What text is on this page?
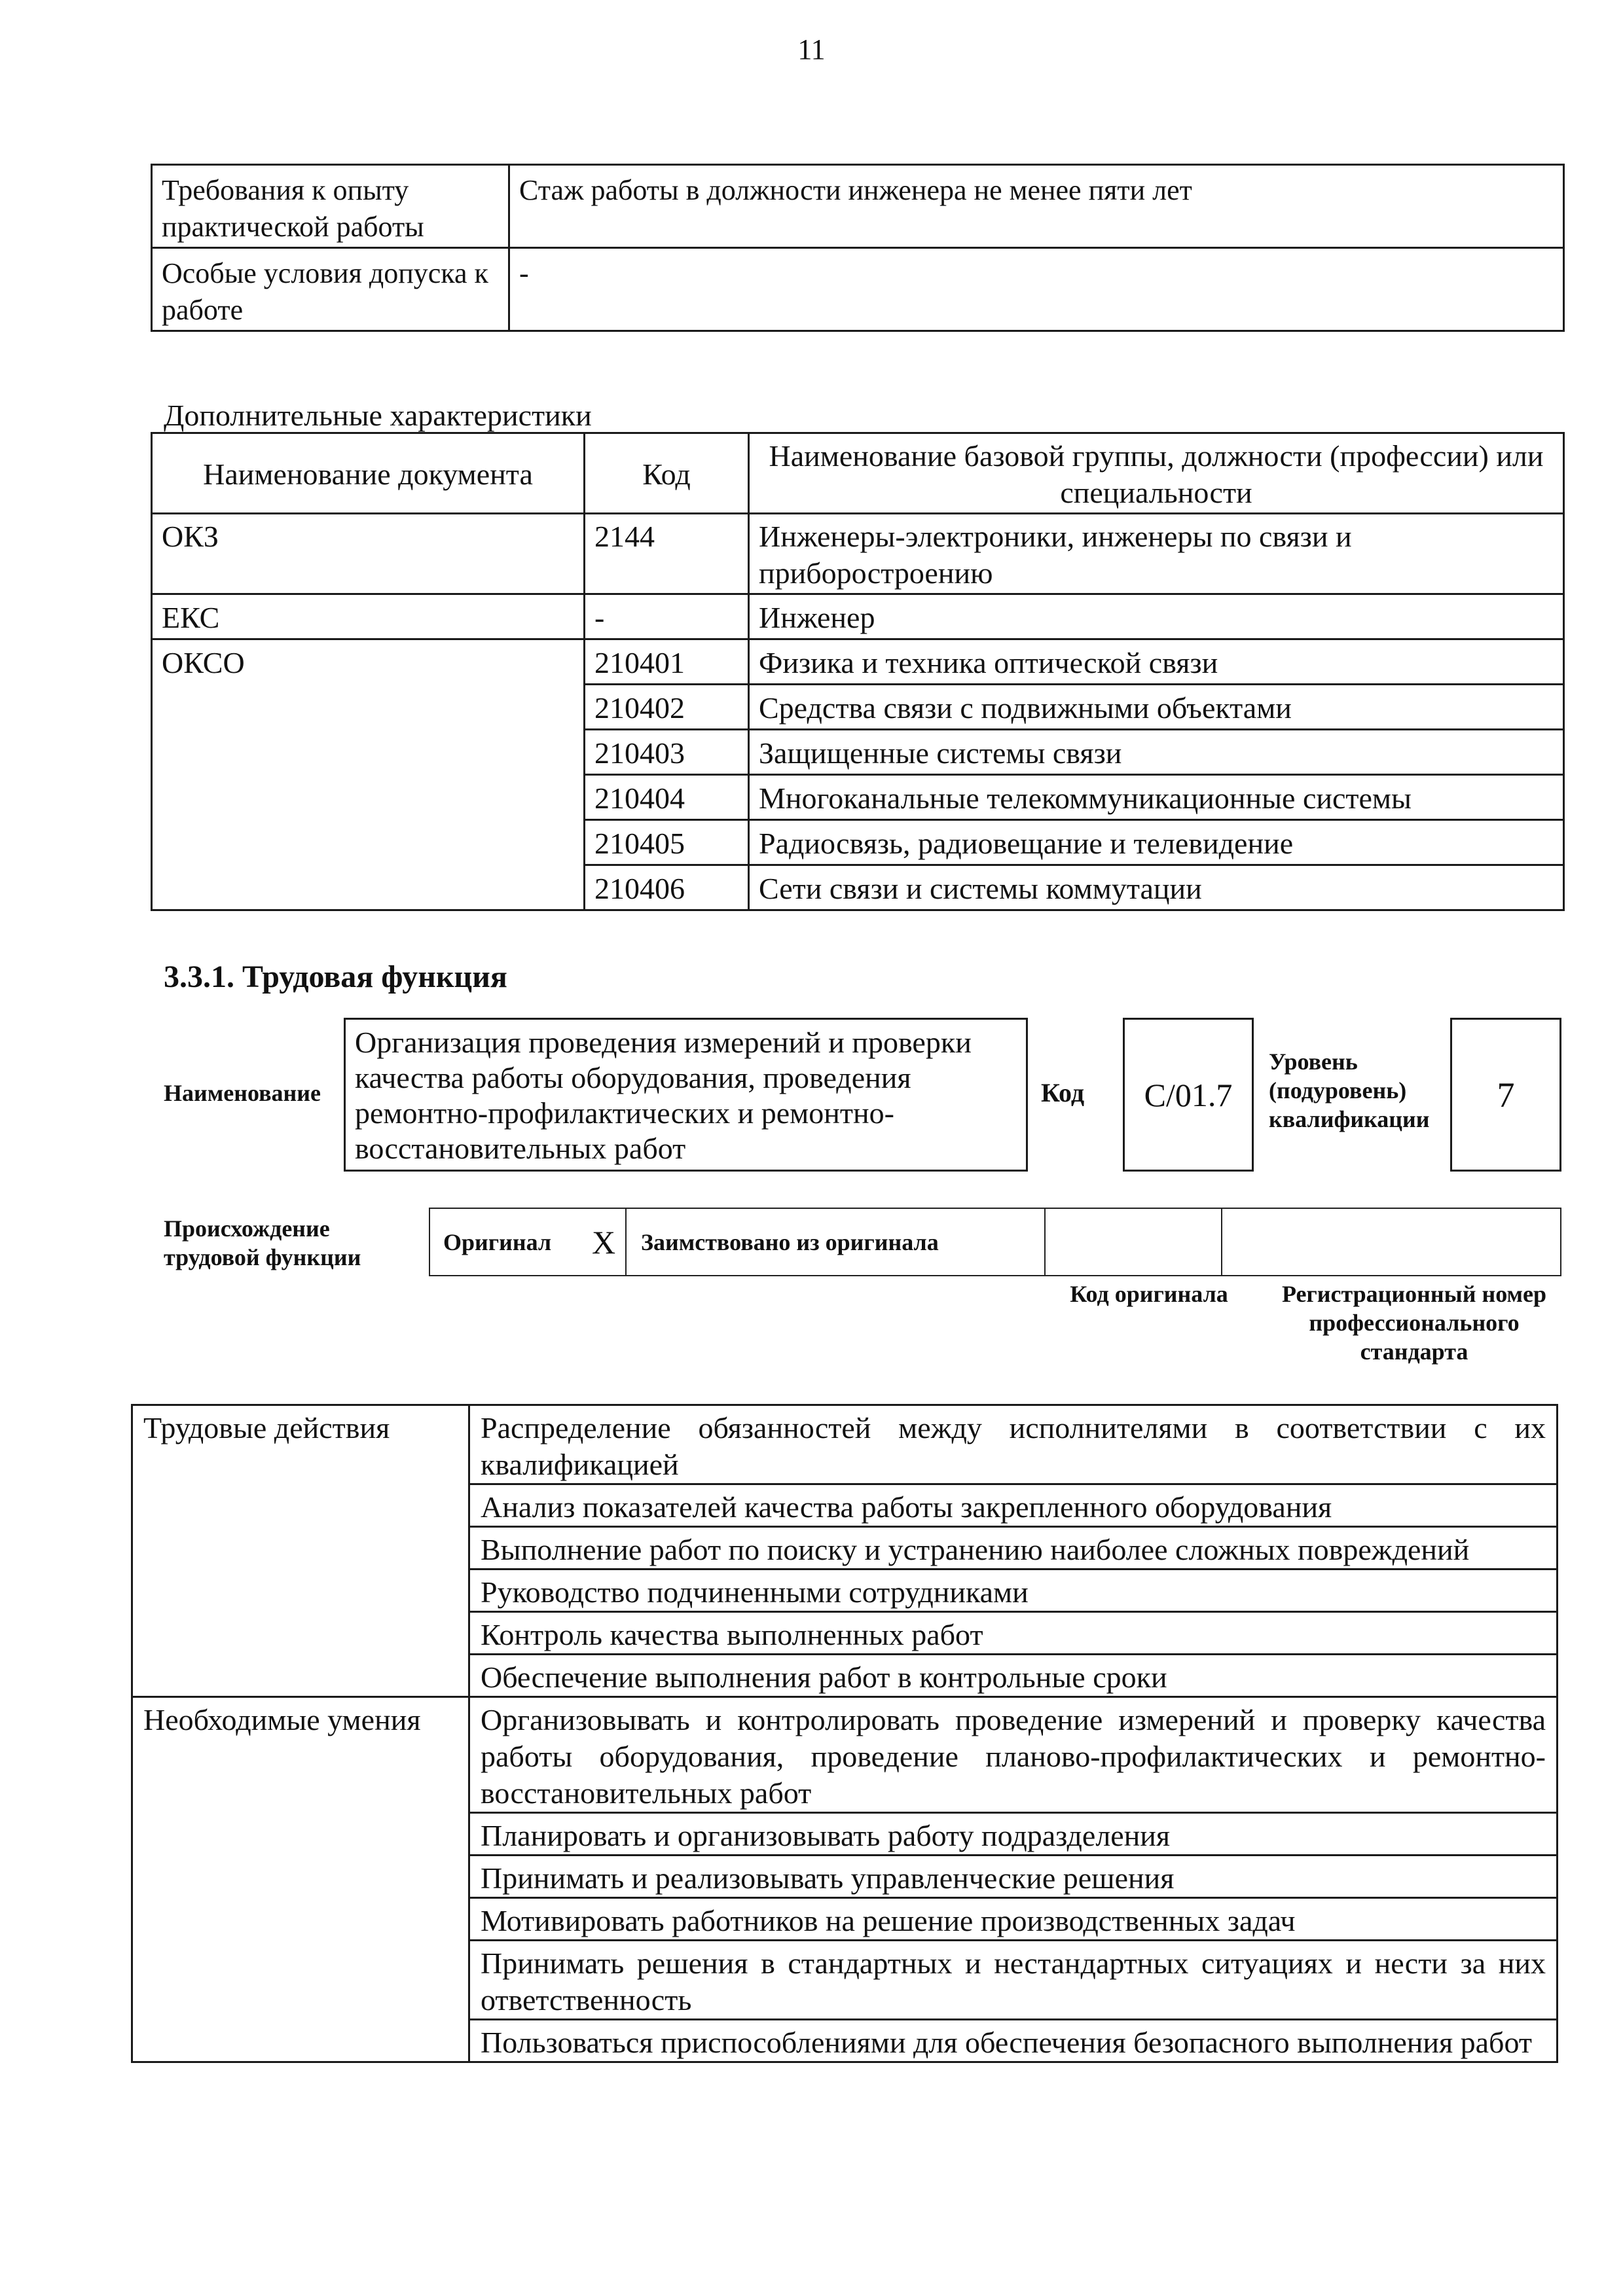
11
Требования к опыту практической работы	Стаж работы в должности инженера не менее пяти лет
Особые условия допуска к работе	-
Дополнительные характеристики
Наименование документа	Код	Наименование базовой группы, должности (профессии) или специальности
ОКЗ	2144	Инженеры-электроники, инженеры по связи и приборостроению
ЕКС	-	Инженер
ОКСО	210401	Физика и техника оптической связи
	210402	Средства связи с подвижными объектами
	210403	Защищенные системы связи
	210404	Многоканальные телекоммуникационные системы
	210405	Радиосвязь, радиовещание и телевидение
	210406	Сети связи и системы коммутации
3.3.1. Трудовая функция
Наименование
Организация проведения измерений и проверки качества работы оборудования, проведения ремонтно-профилактических и ремонтно-восстановительных работ
Код C/01.7
Уровень (подуровень) квалификации
7
Происхождение трудовой функции
Оригинал	X	Заимствовано из оригинала
Код оригинала	Регистрационный номер профессионального стандарта
Трудовые действия	Распределение обязанностей между исполнителями в соответствии с их квалификацией
	Анализ показателей качества работы закрепленного оборудования
	Выполнение работ по поиску и устранению наиболее сложных повреждений
	Руководство подчиненными сотрудниками
	Контроль качества выполненных работ
	Обеспечение выполнения работ в контрольные сроки
Необходимые умения	Организовывать и контролировать проведение измерений и проверку качества работы оборудования, проведение планово-профилактических и ремонтно-восстановительных работ
	Планировать и организовывать работу подразделения
	Принимать и реализовывать управленческие решения
	Мотивировать работников на решение производственных задач
	Принимать решения в стандартных и нестандартных ситуациях и нести за них ответственность
	Пользоваться приспособлениями для обеспечения безопасного выполнения работ
